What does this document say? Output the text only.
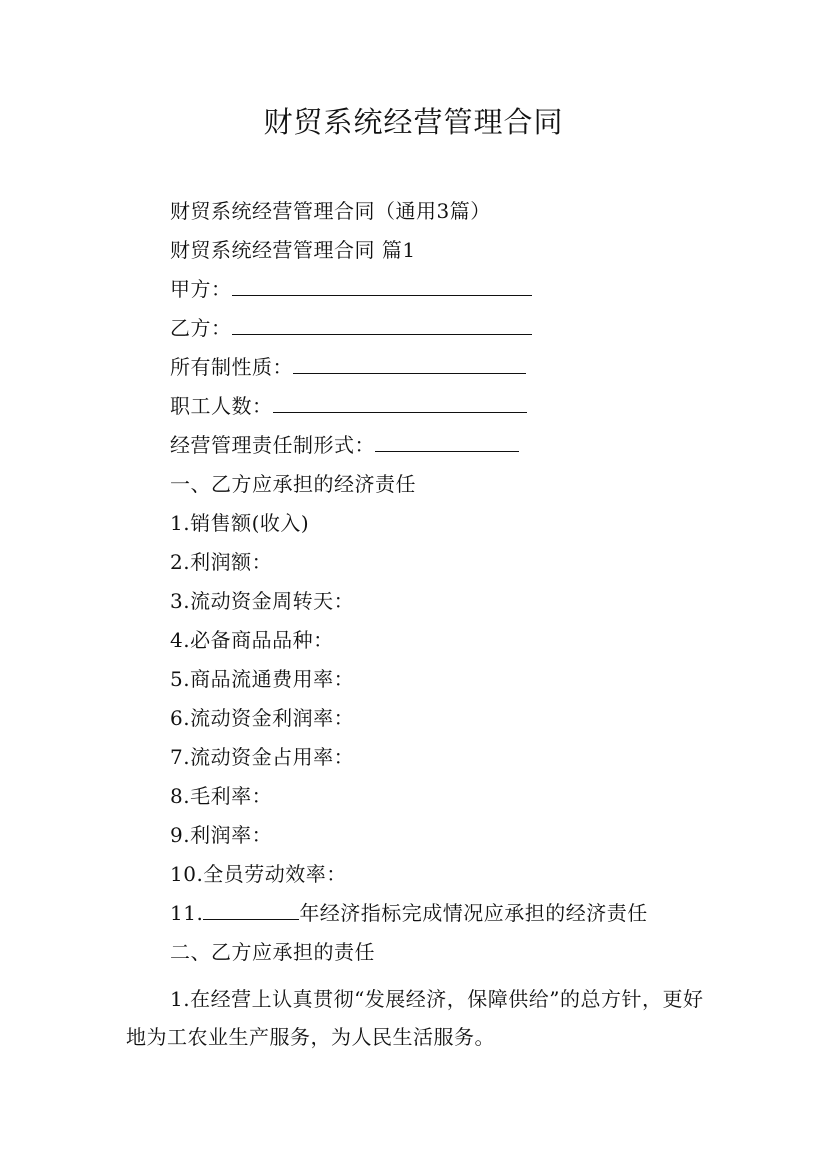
财贸系统经营管理合同
财贸系统经营管理合同（通用3篇）
财贸系统经营管理合同 篇1
甲方：
乙方：
所有制性质：
职工人数：
经营管理责任制形式：
一、乙方应承担的经济责任
1.销售额(收入)
2.利润额：
3.流动资金周转天：
4.必备商品品种：
5.商品流通费用率：
6.流动资金利润率：
7.流动资金占用率：
8.毛利率：
9.利润率：
10.全员劳动效率：
11.	年经济指标完成情况应承担的经济责任
二、乙方应承担的责任
1.在经营上认真贯彻“发展经济，保障供给”的总方针，更好地为工农业生产服务，为人民生活服务。
